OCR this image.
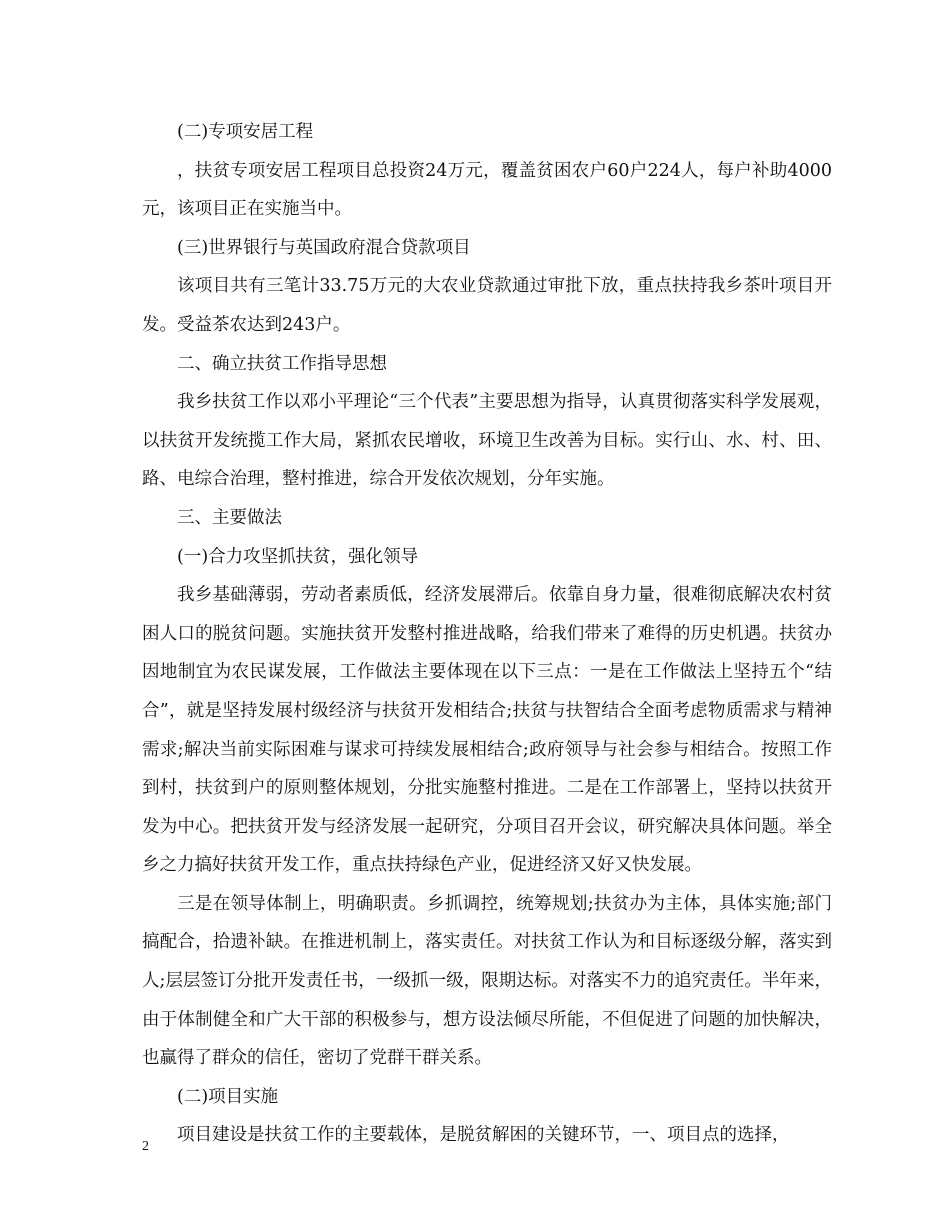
(二)专项安居工程

，扶贫专项安居工程项目总投资24万元，覆盖贫困农户60户224人，每户补助4000元，该项目正在实施当中。

(三)世界银行与英国政府混合贷款项目

该项目共有三笔计33.75万元的大农业贷款通过审批下放，重点扶持我乡茶叶项目开发。受益茶农达到243户。

二、确立扶贫工作指导思想

我乡扶贫工作以邓小平理论“三个代表”主要思想为指导，认真贯彻落实科学发展观，以扶贫开发统揽工作大局，紧抓农民增收，环境卫生改善为目标。实行山、水、村、田、路、电综合治理，整村推进，综合开发依次规划，分年实施。

三、主要做法

(一)合力攻坚抓扶贫，强化领导

我乡基础薄弱，劳动者素质低，经济发展滞后。依靠自身力量，很难彻底解决农村贫困人口的脱贫问题。实施扶贫开发整村推进战略，给我们带来了难得的历史机遇。扶贫办因地制宜为农民谋发展，工作做法主要体现在以下三点：一是在工作做法上坚持五个“结合”，就是坚持发展村级经济与扶贫开发相结合;扶贫与扶智结合全面考虑物质需求与精神需求;解决当前实际困难与谋求可持续发展相结合;政府领导与社会参与相结合。按照工作到村，扶贫到户的原则整体规划，分批实施整村推进。二是在工作部署上，坚持以扶贫开发为中心。把扶贫开发与经济发展一起研究，分项目召开会议，研究解决具体问题。举全乡之力搞好扶贫开发工作，重点扶持绿色产业，促进经济又好又快发展。

三是在领导体制上，明确职责。乡抓调控，统筹规划;扶贫办为主体，具体实施;部门搞配合，拾遗补缺。在推进机制上，落实责任。对扶贫工作认为和目标逐级分解，落实到人;层层签订分批开发责任书，一级抓一级，限期达标。对落实不力的追究责任。半年来，由于体制健全和广大干部的积极参与，想方设法倾尽所能，不但促进了问题的加快解决，也赢得了群众的信任，密切了党群干群关系。

(二)项目实施

项目建设是扶贫工作的主要载体，是脱贫解困的关键环节，一、项目点的选择，

2
